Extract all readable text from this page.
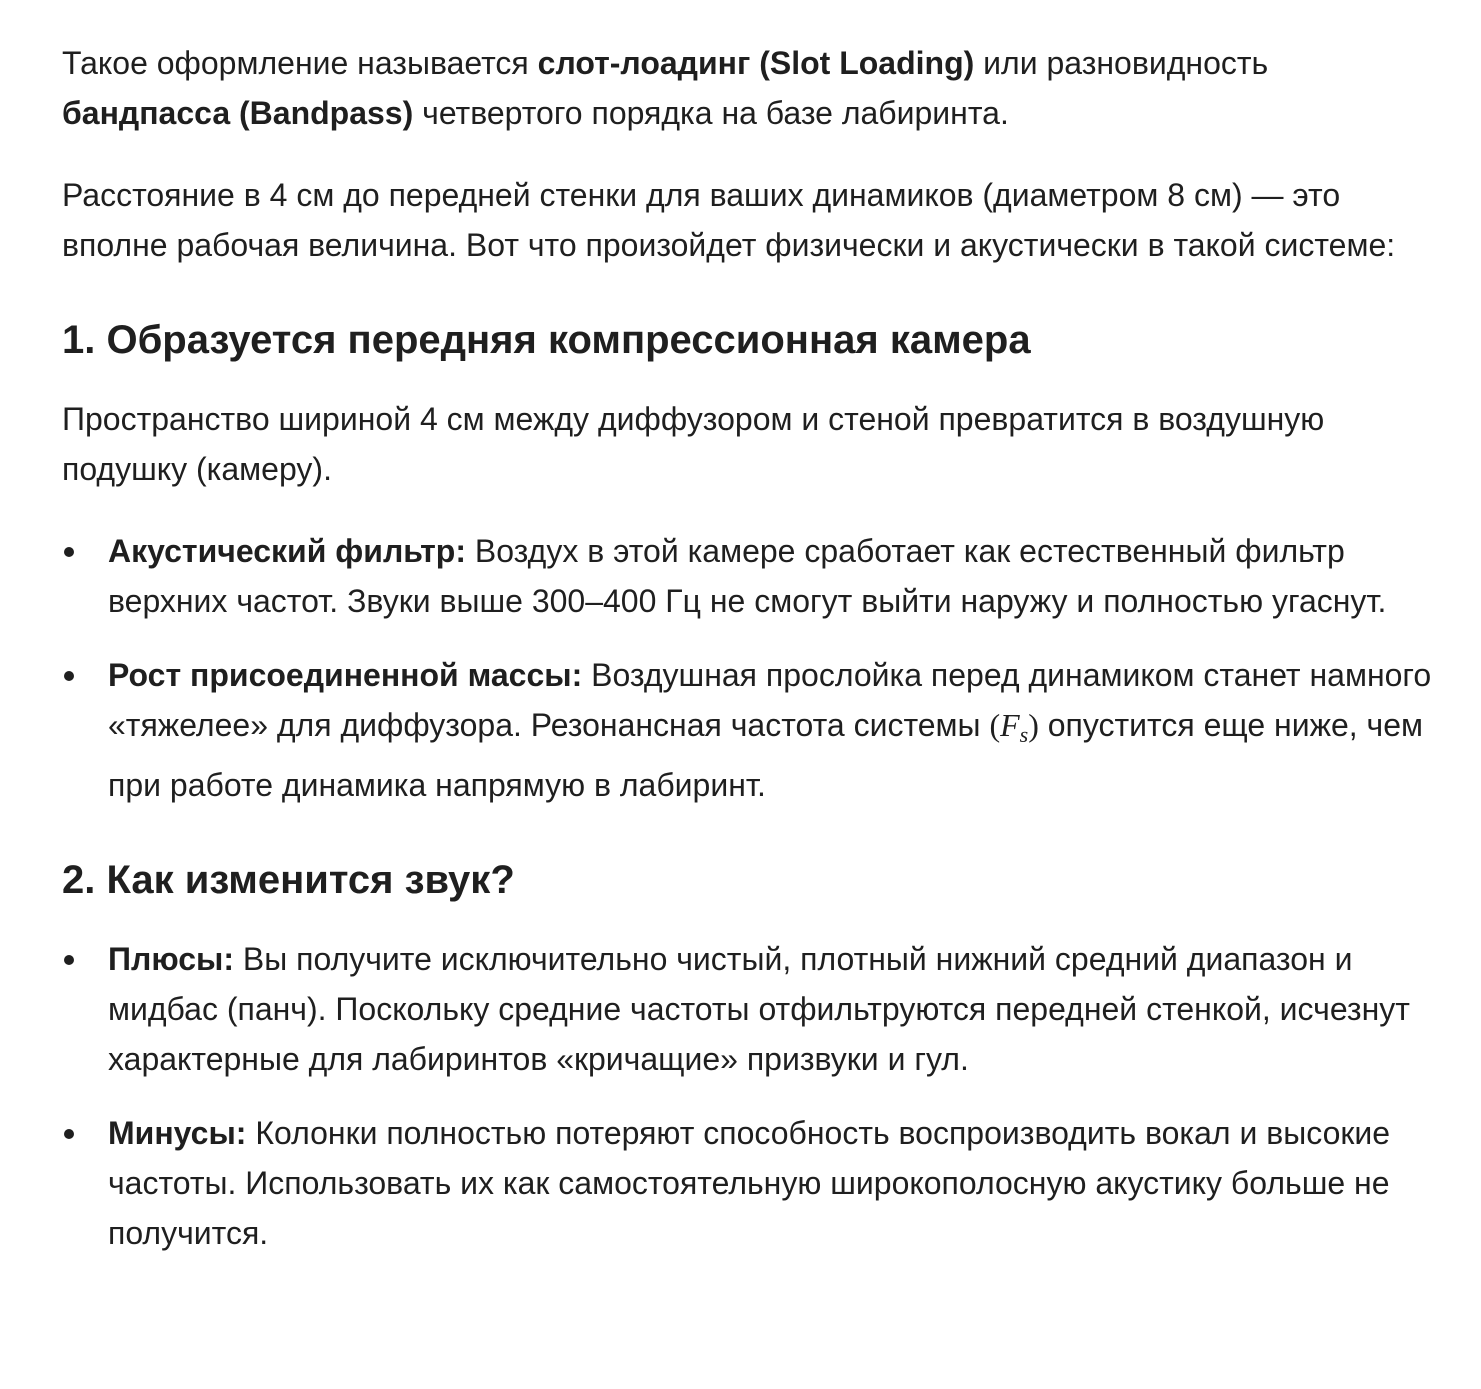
Такое оформление называется слот-лоадинг (Slot Loading) или разновидность бандпасса (Bandpass) четвертого порядка на базе лабиринта.

Расстояние в 4 см до передней стенки для ваших динамиков (диаметром 8 см) — это вполне рабочая величина. Вот что произойдет физически и акустически в такой системе:

1. Образуется передняя компрессионная камера

Пространство шириной 4 см между диффузором и стеной превратится в воздушную подушку (камеру).

Акустический фильтр: Воздух в этой камере сработает как естественный фильтр верхних частот. Звуки выше 300–400 Гц не смогут выйти наружу и полностью угаснут.
Рост присоединенной массы: Воздушная прослойка перед динамиком станет намного «тяжелее» для диффузора. Резонансная частота системы $(F_s)$ опустится еще ниже, чем при работе динамика напрямую в лабиринт.
2. Как изменится звук?
Плюсы: Вы получите исключительно чистый, плотный нижний средний диапазон и мидбас (панч). Поскольку средние частоты отфильтруются передней стенкой, исчезнут характерные для лабиринтов «кричащие» призвуки и гул.
Минусы: Колонки полностью потеряют способность воспроизводить вокал и высокие частоты. Использовать их как самостоятельную широкополосную акустику больше не получится.
